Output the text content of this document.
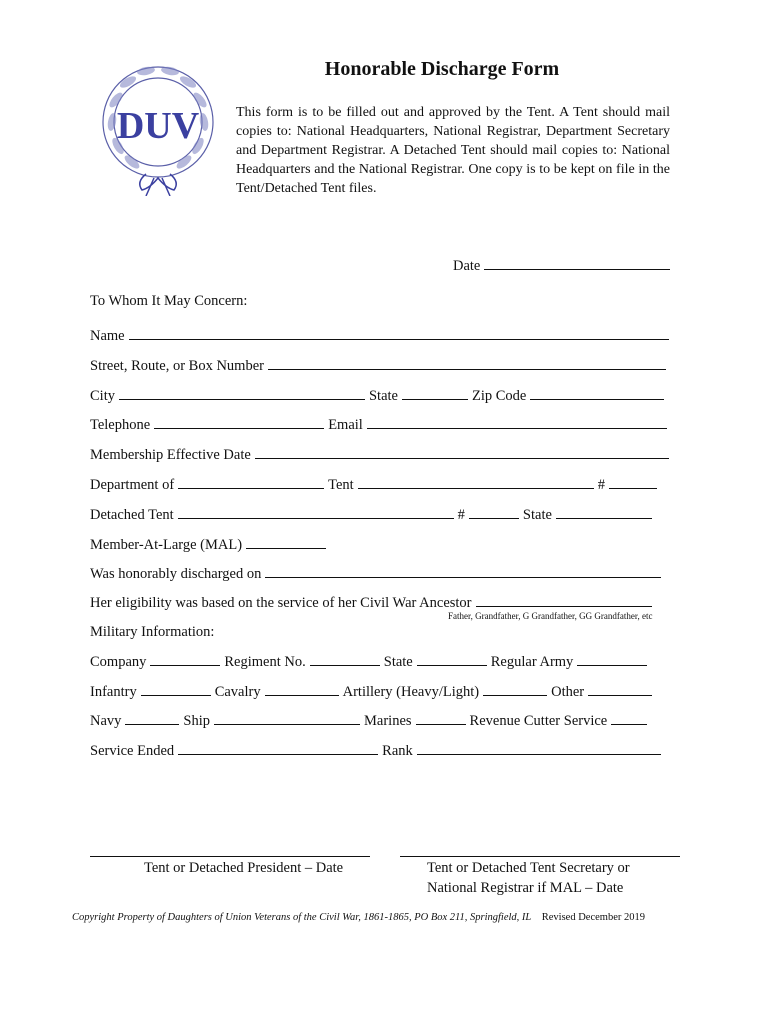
DUV
Honorable Discharge Form
This form is to be filled out and approved by the Tent. A Tent should mail copies to: National Headquarters, National Registrar, Department Secretary and Department Registrar. A Detached Tent should mail copies to: National Headquarters and the National Registrar. One copy is to be kept on file in the Tent/Detached Tent files.
Date
To Whom It May Concern:
Name
Street, Route, or Box Number
City	State	Zip Code
Telephone	Email
Membership Effective Date
Department of	Tent	#
Detached Tent	#	State
Member-At-Large (MAL)
Was honorably discharged on
Her eligibility was based on the service of her Civil War Ancestor
Father, Grandfather, G Grandfather, GG Grandfather, etc
Military Information:
Company	Regiment No.	State	Regular Army
Infantry	Cavalry	Artillery (Heavy/Light)	Other
Navy	Ship	Marines	Revenue Cutter Service
Service Ended	Rank
Tent or Detached President – Date	Tent or Detached Tent Secretary or
National Registrar if MAL – Date
Copyright Property of Daughters of Union Veterans of the Civil War, 1861-1865, PO Box 211, Springfield, IL Revised December 2019
